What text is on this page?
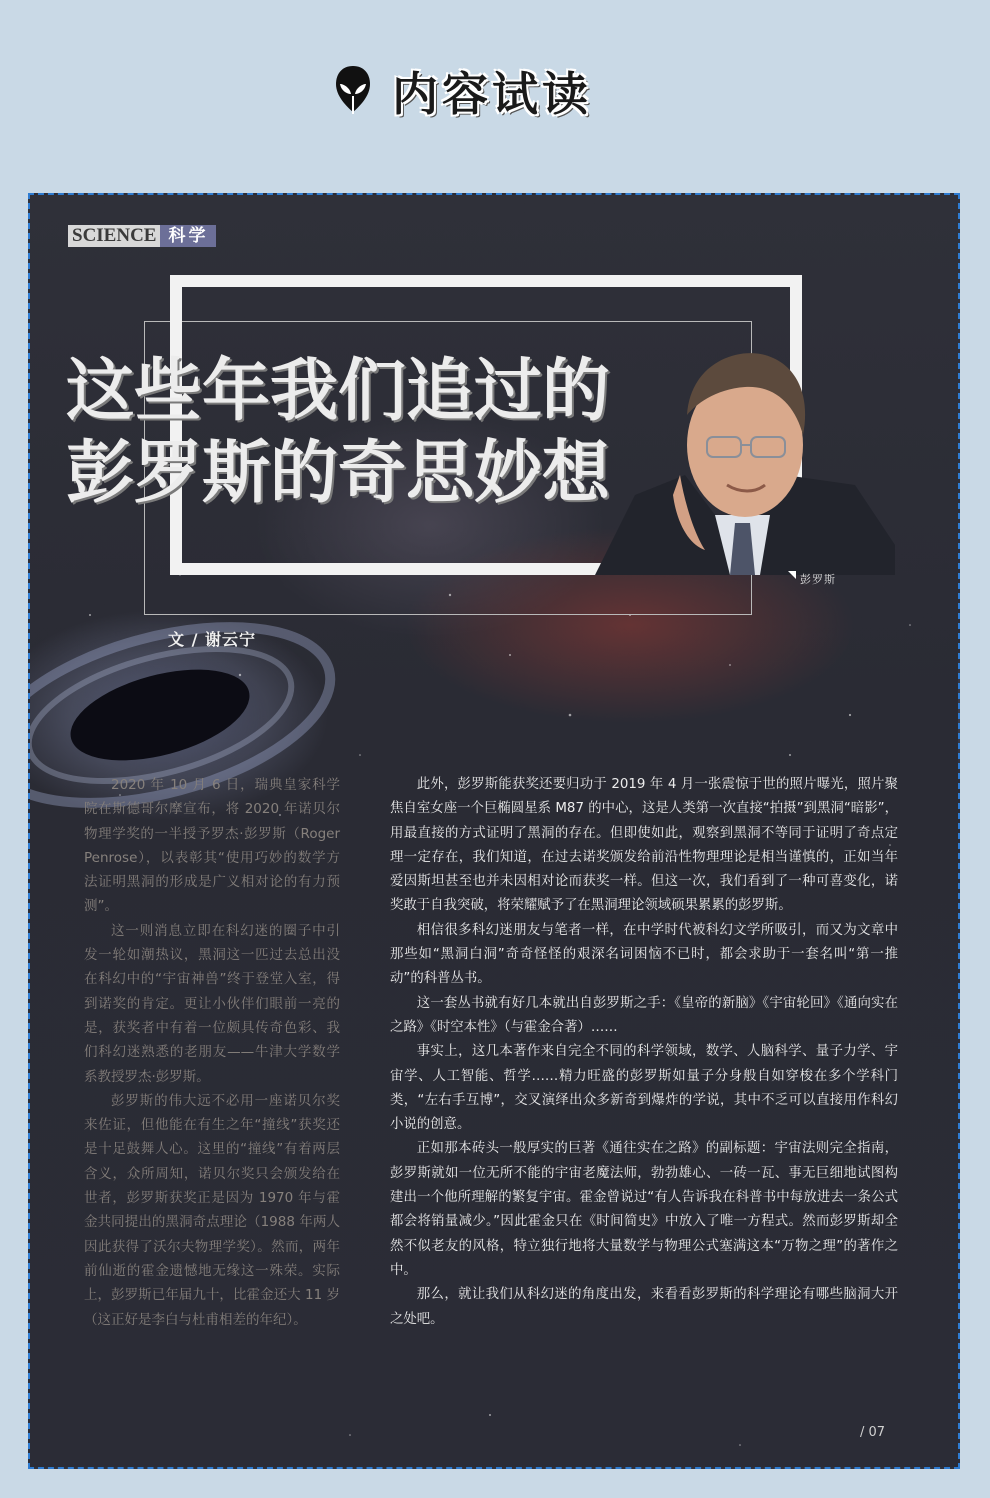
内容试读
SCIENCE 科学
彭罗斯
这些年我们追过的
彭罗斯的奇思妙想
文 / 谢云宁

2020 年 10 月 6 日，瑞典皇家科学院在斯德哥尔摩宣布，将 2020 年诺贝尔物理学奖的一半授予罗杰·彭罗斯（Roger Penrose），以表彰其“使用巧妙的数学方法证明黑洞的形成是广义相对论的有力预测”。

这一则消息立即在科幻迷的圈子中引发一轮如潮热议，黑洞这一匹过去总出没在科幻中的“宇宙神兽”终于登堂入室，得到诺奖的肯定。更让小伙伴们眼前一亮的是，获奖者中有着一位颇具传奇色彩、我们科幻迷熟悉的老朋友——牛津大学数学系教授罗杰·彭罗斯。

彭罗斯的伟大远不必用一座诺贝尔奖来佐证，但他能在有生之年“撞线”获奖还是十足鼓舞人心。这里的“撞线”有着两层含义，众所周知，诺贝尔奖只会颁发给在世者，彭罗斯获奖正是因为 1970 年与霍金共同提出的黑洞奇点理论（1988 年两人因此获得了沃尔夫物理学奖）。然而，两年前仙逝的霍金遗憾地无缘这一殊荣。实际上，彭罗斯已年届九十，比霍金还大 11 岁（这正好是李白与杜甫相差的年纪）。

此外，彭罗斯能获奖还要归功于 2019 年 4 月一张震惊于世的照片曝光，照片聚焦自室女座一个巨椭圆星系 M87 的中心，这是人类第一次直接“拍摄”到黑洞“暗影”，用最直接的方式证明了黑洞的存在。但即使如此，观察到黑洞不等同于证明了奇点定理一定存在，我们知道，在过去诺奖颁发给前沿性物理理论是相当谨慎的，正如当年爱因斯坦甚至也并未因相对论而获奖一样。但这一次，我们看到了一种可喜变化，诺奖敢于自我突破，将荣耀赋予了在黑洞理论领域硕果累累的彭罗斯。

相信很多科幻迷朋友与笔者一样，在中学时代被科幻文学所吸引，而又为文章中那些如“黑洞白洞”奇奇怪怪的艰深名词困恼不已时，都会求助于一套名叫“第一推动”的科普丛书。

这一套丛书就有好几本就出自彭罗斯之手：《皇帝的新脑》《宇宙轮回》《通向实在之路》《时空本性》（与霍金合著）……

事实上，这几本著作来自完全不同的科学领域，数学、人脑科学、量子力学、宇宙学、人工智能、哲学……精力旺盛的彭罗斯如量子分身般自如穿梭在多个学科门类，“左右手互博”，交叉演绎出众多新奇到爆炸的学说，其中不乏可以直接用作科幻小说的创意。

正如那本砖头一般厚实的巨著《通往实在之路》的副标题：宇宙法则完全指南，彭罗斯就如一位无所不能的宇宙老魔法师，勃勃雄心、一砖一瓦、事无巨细地试图构建出一个他所理解的繁复宇宙。霍金曾说过“有人告诉我在科普书中每放进去一条公式都会将销量减少。”因此霍金只在《时间简史》中放入了唯一方程式。然而彭罗斯却全然不似老友的风格，特立独行地将大量数学与物理公式塞满这本“万物之理”的著作之中。

那么，就让我们从科幻迷的角度出发，来看看彭罗斯的科学理论有哪些脑洞大开之处吧。

/ 07
